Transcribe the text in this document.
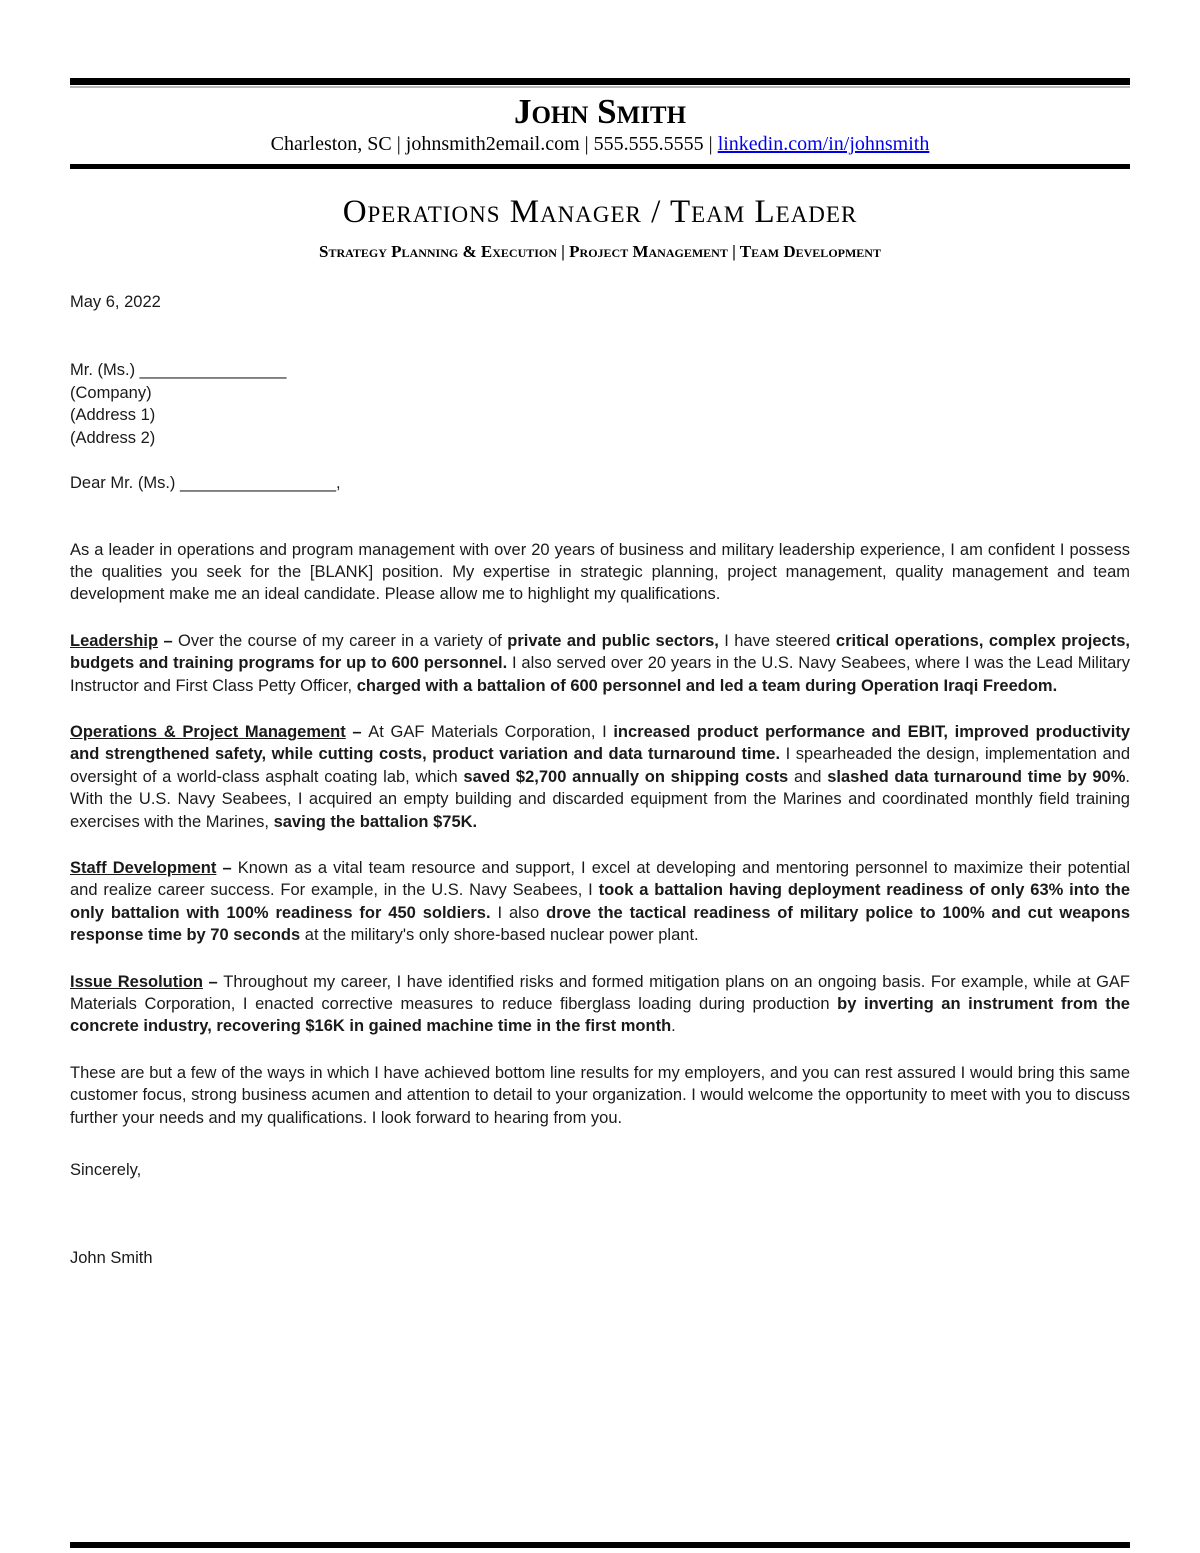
John Smith
Charleston, SC | johnsmith2email.com | 555.555.5555 | linkedin.com/in/johnsmith
Operations Manager / Team Leader
Strategy Planning & Execution | Project Management | Team Development
May 6, 2022
Mr. (Ms.) ________________
(Company)
(Address 1)
(Address 2)
Dear Mr. (Ms.) _________________,

As a leader in operations and program management with over 20 years of business and military leadership experience, I am confident I possess the qualities you seek for the [BLANK] position. My expertise in strategic planning, project management, quality management and team development make me an ideal candidate. Please allow me to highlight my qualifications.

Leadership – Over the course of my career in a variety of private and public sectors, I have steered critical operations, complex projects, budgets and training programs for up to 600 personnel. I also served over 20 years in the U.S. Navy Seabees, where I was the Lead Military Instructor and First Class Petty Officer, charged with a battalion of 600 personnel and led a team during Operation Iraqi Freedom.

Operations & Project Management – At GAF Materials Corporation, I increased product performance and EBIT, improved productivity and strengthened safety, while cutting costs, product variation and data turnaround time. I spearheaded the design, implementation and oversight of a world-class asphalt coating lab, which saved $2,700 annually on shipping costs and slashed data turnaround time by 90%. With the U.S. Navy Seabees, I acquired an empty building and discarded equipment from the Marines and coordinated monthly field training exercises with the Marines, saving the battalion $75K.

Staff Development – Known as a vital team resource and support, I excel at developing and mentoring personnel to maximize their potential and realize career success. For example, in the U.S. Navy Seabees, I took a battalion having deployment readiness of only 63% into the only battalion with 100% readiness for 450 soldiers. I also drove the tactical readiness of military police to 100% and cut weapons response time by 70 seconds at the military's only shore-based nuclear power plant.

Issue Resolution – Throughout my career, I have identified risks and formed mitigation plans on an ongoing basis. For example, while at GAF Materials Corporation, I enacted corrective measures to reduce fiberglass loading during production by inverting an instrument from the concrete industry, recovering $16K in gained machine time in the first month.

These are but a few of the ways in which I have achieved bottom line results for my employers, and you can rest assured I would bring this same customer focus, strong business acumen and attention to detail to your organization. I would welcome the opportunity to meet with you to discuss further your needs and my qualifications. I look forward to hearing from you.

Sincerely,
John Smith
